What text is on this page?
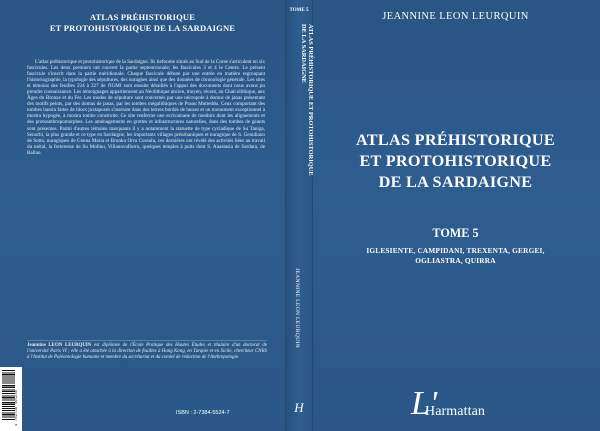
ATLAS PRÉHISTORIQUE
ET PROTOHISTORIQUE DE LA SARDAIGNE

L'atlas préhistorique et protohistorique de la Sardaigne. Ils tiefonme situés au Sud de la Corse s'articulent en six fascicules. Les deux premiers ont couvert la partie septentrionale; les fascicules 3 et 4 le Centre. Le présent fascicule s'inscrit dans la partie méridionale. Chaque fascicule débute par une entrée en matière regroupant l'historiographie, la typologie des sépultures, des nuraghes ainsi que des données de chronologie générale. Les sites et témoins des feuilles 224 à 227 de l'IGMI sont ensuite détaillés à l'appui des documents dont nous avons pu prendre connaissance. Les témoignages appartiennent au Néolithique ancien, moyen, récent, au Chalcolithique, aux Âges du Bronze et du Fer. Les modes de sépulture sont concernés par une nécropole à domus de janas présentant des motifs peints, par des domus de janas, par les tombes mégalithiques de Pranu Mutteddu. Ceux comportant des tombes bassin faites de blocs juxtaposés s'insérant dans des tertres bordés de lauses et un monument exceptionnel à mostra hypogée, à mostra tombe construite. Ce site renferme une ecrivamane de menhirs dont les alignements et des protoanthropomorphes. Les aménagements en grottes et infrastructures naturelles, dans des tombes de géants sont présentes. Parmi d'autres témoins marquants il y a notamment la statuette de type cycladique de Su Taniga, Senorbi, la plus grande et ce type en Sardaigne, les importants villages préurbaniques et nuragique de S. Genuliano de Sotto, nuragiques de Genna Maria et Brunku Orru Cossulu, ces dernières ont révélé des activités liées au travail du métal, la forteresse de Su Molinu, Villanovafiorru, quelques temples à puits dont S. Anastasia de Sardara, de Ballao.

Jeannine LEON LEURQUIN est diplômée de l'École Pratique des Hautes Études et titulaire d'un doctorat de l'université Paris VI ; elle a été attachée à la direction de fouilles à Hong Kong, en Turquie et en Sicile, chercheur CNRS à l'Institut de Paléontologie humaine et membre du secrétariat et du comité de rédaction de l'Anthropologie.

9 782738 455246	ISBN : 2-7384-5524-7
TOME 5
ATLAS PRÉHISTORIQUE ET PROTOHISTORIQUE
DE LA SARDAIGNE
JEANNINE LEON LEURQUIN
H
JEANNINE LEON LEURQUIN
ATLAS PRÉHISTORIQUE
ET PROTOHISTORIQUE
DE LA SARDAIGNE
TOME 5
IGLESIENTE, CAMPIDANI, TREXENTA, GERGEI,
OGLIASTRA, QUIRRA
L'
Harmattan
